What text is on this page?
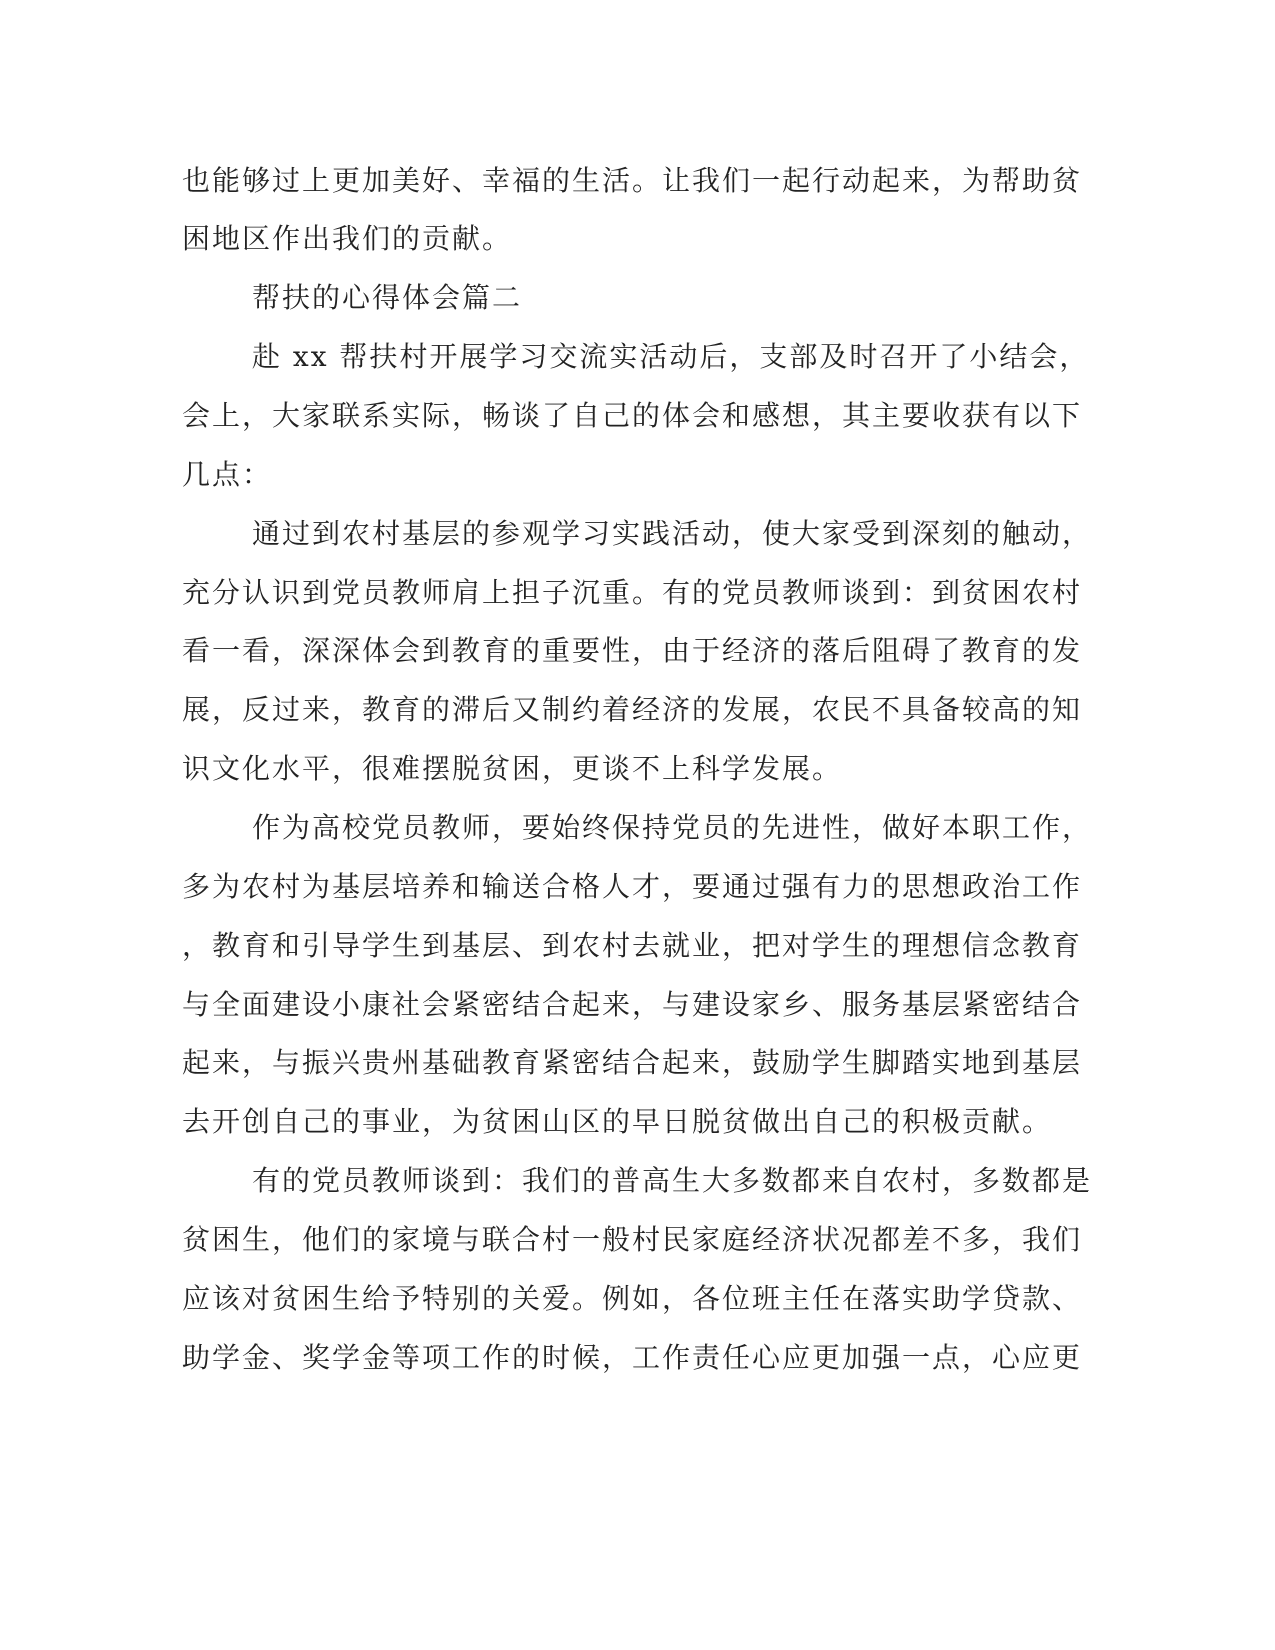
也能够过上更加美好、幸福的生活。让我们一起行动起来，为帮助贫
困地区作出我们的贡献。
帮扶的心得体会篇二
赴 xx 帮扶村开展学习交流实活动后，支部及时召开了小结会，
会上，大家联系实际，畅谈了自己的体会和感想，其主要收获有以下
几点：
通过到农村基层的参观学习实践活动，使大家受到深刻的触动，
充分认识到党员教师肩上担子沉重。有的党员教师谈到：到贫困农村
看一看，深深体会到教育的重要性，由于经济的落后阻碍了教育的发
展，反过来，教育的滞后又制约着经济的发展，农民不具备较高的知
识文化水平，很难摆脱贫困，更谈不上科学发展。
作为高校党员教师，要始终保持党员的先进性，做好本职工作，
多为农村为基层培养和输送合格人才，要通过强有力的思想政治工作
，教育和引导学生到基层、到农村去就业，把对学生的理想信念教育
与全面建设小康社会紧密结合起来，与建设家乡、服务基层紧密结合
起来，与振兴贵州基础教育紧密结合起来，鼓励学生脚踏实地到基层
去开创自己的事业，为贫困山区的早日脱贫做出自己的积极贡献。
有的党员教师谈到：我们的普高生大多数都来自农村，多数都是
贫困生，他们的家境与联合村一般村民家庭经济状况都差不多，我们
应该对贫困生给予特别的关爱。例如，各位班主任在落实助学贷款、
助学金、奖学金等项工作的时候，工作责任心应更加强一点，心应更
